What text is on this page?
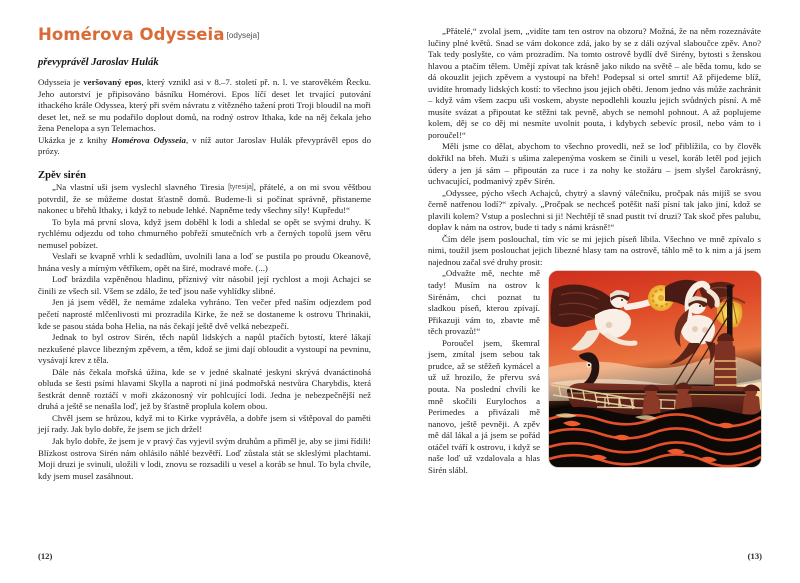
Homérova Odysseia [odyseja]
převyprávěl Jaroslav Hulák

Odysseia je veršovaný epos, který vznikl asi v 8.–7. století př. n. l. ve starověkém Řecku. Jeho autorství je připisováno básníku Homérovi. Epos líčí deset let trvající putování ithackého krále Odyssea, který při svém návratu z vítězného tažení proti Troji bloudil na moři deset let, než se mu podařilo doplout domů, na rodný ostrov Ithaka, kde na něj čekala jeho žena Penelopa a syn Telemachos.

Ukázka je z knihy Homérova Odysseia, v níž autor Jaroslav Hulák převyprávěl epos do prózy.

Zpěv sirén

„Na vlastní uši jsem vyslechl slavného Tiresia [tyresija], přátelé, a on mi svou věštbou potvrdil, že se můžeme dostat šťastně domů. Budeme-li si počínat správně, přistaneme nakonec u břehů Ithaky, i když to nebude lehké. Napněme tedy všechny síly! Kupředu!“

To byla má první slova, když jsem doběhl k lodi a shledal se opět se svými druhy. K rychlému odjezdu od toho chmurného pobřeží smutečních vrb a černých topolů jsem věru nemusel pobízet.

Veslaři se kvapně vrhli k sedadlům, uvolnili lana a loď se pustila po proudu Okeanově, hnána vesly a mírným větříkem, opět na širé, modravé moře. (...)

Loď brázdila vzpěněnou hladinu, příznivý vítr násobil její rychlost a moji Achajci se činili ze všech sil. Všem se zdálo, že teď jsou naše vyhlídky slibné.

Jen já jsem věděl, že nemáme zdaleka vyhráno. Ten večer před naším odjezdem pod pečetí naprosté mlčenlivosti mi prozradila Kirke, že než se dostaneme k ostrovu Thrinakii, kde se pasou stáda boha Helia, na nás čekají ještě dvě velká nebezpečí.

Jednak to byl ostrov Sirén, těch napůl lidských a napůl ptačích bytostí, které lákají nezkušené plavce libezným zpěvem, a těm, kdož se jimi dají obloudit a vystoupí na pevninu, vysávají krev z těla.

Dále nás čekala mořská úžina, kde se v jedné skalnaté jeskyni skrývá dvanáctinohá obluda se šesti psími hlavami Skylla a naproti ní jiná podmořská nestvůra Charybdis, která šestkrát denně roztáčí v moři zkázonosný vír pohlcující lodi. Jedna je nebezpečnější než druhá a ještě se nenašla loď, jež by šťastně proplula kolem obou.

Chvěl jsem se hrůzou, když mi to Kirke vyprávěla, a dobře jsem si vštěpoval do paměti její rady. Jak bylo dobře, že jsem se jich držel!

Jak bylo dobře, že jsem je v pravý čas vyjevil svým druhům a přiměl je, aby se jimi řídili! Blízkost ostrova Sirén nám ohlásilo náhlé bezvětří. Loď zůstala stát se skleslými plachtami. Moji druzi je svinuli, uložili v lodi, znovu se rozsadili u vesel a koráb se hnul. To byla chvíle, kdy jsem musel zasáhnout.

„Přátelé,“ zvolal jsem, „vidíte tam ten ostrov na obzoru? Možná, že na něm rozeznáváte lučiny plné květů. Snad se vám dokonce zdá, jako by se z dáli ozýval slaboučce zpěv. Ano? Tak tedy poslyšte, co vám prozradím. Na tomto ostrově bydlí dvě Sirény, bytosti s ženskou hlavou a ptačím tělem. Umějí zpívat tak krásně jako nikdo na světě – ale běda tomu, kdo se dá okouzlit jejich zpěvem a vystoupí na břeh! Podepsal si ortel smrti! Až přijedeme blíž, uvidíte hromady lidských kostí: to všechno jsou jejich oběti. Jenom jedno vás může zachránit – když vám všem zacpu uši voskem, abyste nepodlehli kouzlu jejich svůdných písní. A mě musíte svázat a připoutat ke stěžni tak pevně, abych se nemohl pohnout. A až poplujeme kolem, děj se co děj mi nesmíte uvolnit pouta, i kdybych sebevíc prosil, nebo vám to i poroučel!“

Měli jsme co dělat, abychom to všechno provedli, než se loď přiblížila, co by člověk dokřikl na břeh. Muži s ušima zalepenýma voskem se činili u vesel, koráb letěl pod jejich údery a jen já sám – připoután za ruce i za nohy ke stožáru – jsem slyšel čarokrásný, uchvacující, podmanivý zpěv Sirén.

„Odyssee, pýcho všech Achajců, chytrý a slavný válečníku, pročpak nás mijíš se svou černě natřenou lodí?“ zpívaly. „Pročpak se nechceš potěšit naší písní tak jako jiní, kdož se plavili kolem? Vstup a poslechni si ji! Nechtějí tě snad pustit tví druzi? Tak skoč přes palubu, doplav k nám na ostrov, bude ti tady s námi krásně!“

Čím déle jsem poslouchal, tím víc se mi jejich píseň líbila. Všechno ve mně zpívalo s nimi, toužil jsem poslouchat jejich libezné hlasy tam na ostrově, táhlo mě to k nim a já jsem najednou začal své druhy prosit:

„Odvažte mě, nechte mě tady! Musím na ostrov k Sirénám, chci poznat tu sladkou píseň, kterou zpívají. Přikazuji vám to, zbavte mě těch provazů!“

Poroučel jsem, škemral jsem, zmítal jsem sebou tak prudce, až se stěžeň kymácel a už už hrozilo, že přervu svá pouta. Na poslední chvíli ke mně skočili Eurylochos a Perimedes a přivázali mě nanovo, ještě pevněji. A zpěv mě dál lákal a já jsem se pořád otáčel tváří k ostrovu, i když se naše loď už vzdalovala a hlas Sirén slábl.

(12)	(13)
